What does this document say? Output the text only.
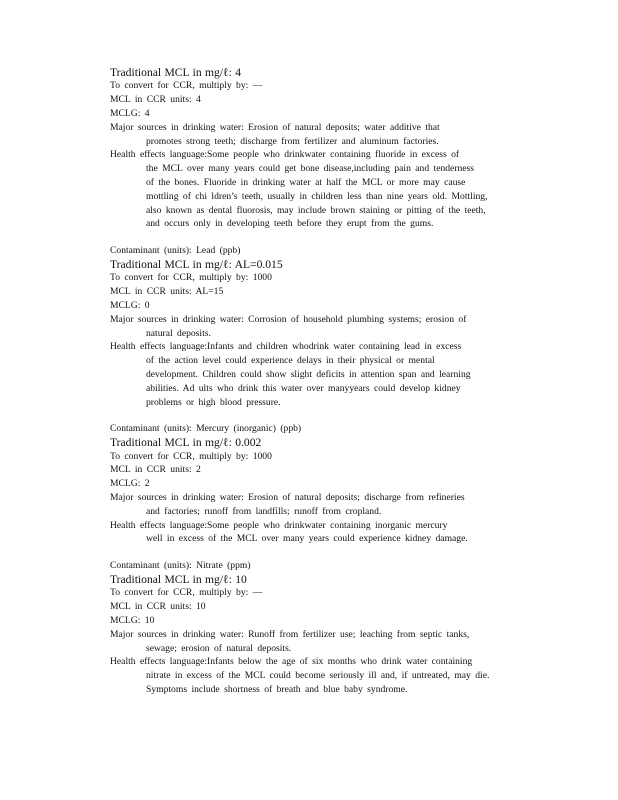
Traditional MCL in mg/ℓ: 4
To convert for CCR, multiply by: —
MCL in CCR units: 4
MCLG: 4
Major sources in drinking water: Erosion of natural deposits; water additive that
promotes strong teeth; discharge from fertilizer and aluminum factories.
Health effects language:Some people who drinkwater containing fluoride in excess of
the MCL over many years could get bone disease,including pain and tenderness
of the bones. Fluoride in drinking water at half the MCL or more may cause
mottling of chi ldren’s teeth, usually in children less than nine years old. Mottling,
also known as dental fluorosis, may include brown staining or pitting of the teeth,
and occurs only in developing teeth before they erupt from the gums.
Contaminant (units): Lead (ppb)
Traditional MCL in mg/ℓ: AL=0.015
To convert for CCR, multiply by: 1000
MCL in CCR units: AL=15
MCLG: 0
Major sources in drinking water: Corrosion of household plumbing systems; erosion of
natural deposits.
Health effects language:Infants and children whodrink water containing lead in excess
of the action level could experience delays in their physical or mental
development. Children could show slight deficits in attention span and learning
abilities. Ad ults who drink this water over manyyears could develop kidney
problems or high blood pressure.
Contaminant (units): Mercury (inorganic) (ppb)
Traditional MCL in mg/ℓ: 0.002
To convert for CCR, multiply by: 1000
MCL in CCR units: 2
MCLG: 2
Major sources in drinking water: Erosion of natural deposits; discharge from refineries
and factories; runoff from landfills; runoff from cropland.
Health effects language:Some people who drinkwater containing inorganic mercury
well in excess of the MCL over many years could experience kidney damage.
Contaminant (units): Nitrate (ppm)
Traditional MCL in mg/ℓ: 10
To convert for CCR, multiply by: —
MCL in CCR units: 10
MCLG: 10
Major sources in drinking water: Runoff from fertilizer use; leaching from septic tanks,
sewage; erosion of natural deposits.
Health effects language:Infants below the age of six months who drink water containing
nitrate in excess of the MCL could become seriously ill and, if untreated, may die.
Symptoms include shortness of breath and blue baby syndrome.
